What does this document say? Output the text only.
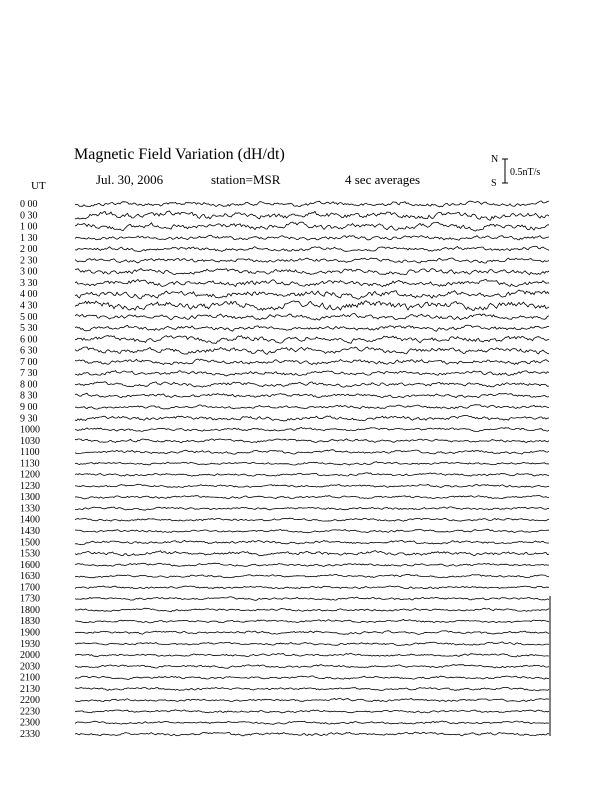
Magnetic Field Variation (dH/dt)
Jul. 30, 2006	station=MSR	4 sec averages
UT
N
S
0.5nT/s
0 00
0 30
1 00
1 30
2 00
2 30
3 00
3 30
4 00
4 30
5 00
5 30
6 00
6 30
7 00
7 30
8 00
8 30
9 00
9 30
1000
1030
1100
1130
1200
1230
1300
1330
1400
1430
1500
1530
1600
1630
1700
1730
1800
1830
1900
1930
2000
2030
2100
2130
2200
2230
2300
2330
